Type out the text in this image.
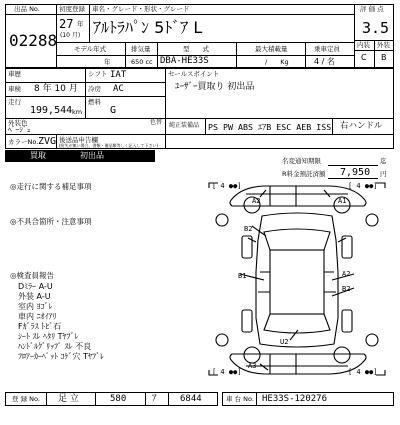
出品 No.
02288
初度登録
27 年
(10 月)
車名・グレード・形状・グレード
ｱﾙﾄﾗﾊﾟﾝ 5ﾄﾞｱ L
モデル年式
年
排気量
650 cc
型　　式
DBA-HE33S
最大積載量
/　　Kg
乗車定員
4 / 名
評 価 点
3.5
内装 外装
C B
車歴	シフト IAT
車検 8 年 10 月 冷房 AC
走行
199,544 km
燃料
G
外装色
ﾍﾞｰｼﾞｭ
色替
カラーNo. ZVG 後送品申告欄
(紛失が無い場合、書類・備品類等しく記入して下さい)
セールスポイント
ﾕｰｻﾞｰ買取り 初出品
純正装備品 PS PW ABS ｴｱB ESC AEB ISS 右ハンドル
買取	初出品
名変通知期限	迄
R料金預託済額 7,950 円
◎走行に関する補足事項
◎不具合箇所・注意事項
◎検査員報告
Dﾐﾗｰ A-U
外装 A-U
室内 ﾖｺﾞﾚ
車内 ﾆｵｲｱﾘ
Fｶﾞﾗｽ ﾄﾋﾞ石
ｼｰﾄ ｽﾚ ﾍﾀﾘ Tﾔﾌﾞﾚ
ﾊﾝﾄﾞﾙｸﾞﾘｯﾌﾟ ｽﾚ 不良
ﾌﾛｱｰｶｰﾍﾟｯﾄ ｺｹﾞ穴 Tﾔﾌﾞﾚ
[ 4 ●●]	[ 4 ●●]
[ 4 ●●]	[ 4 ●●]
A2	A1
B2
B1	A2
B2
U2
A3
登 録 No. 足 立	580	ｱ	6844	車 台 No. HE33S-120276
